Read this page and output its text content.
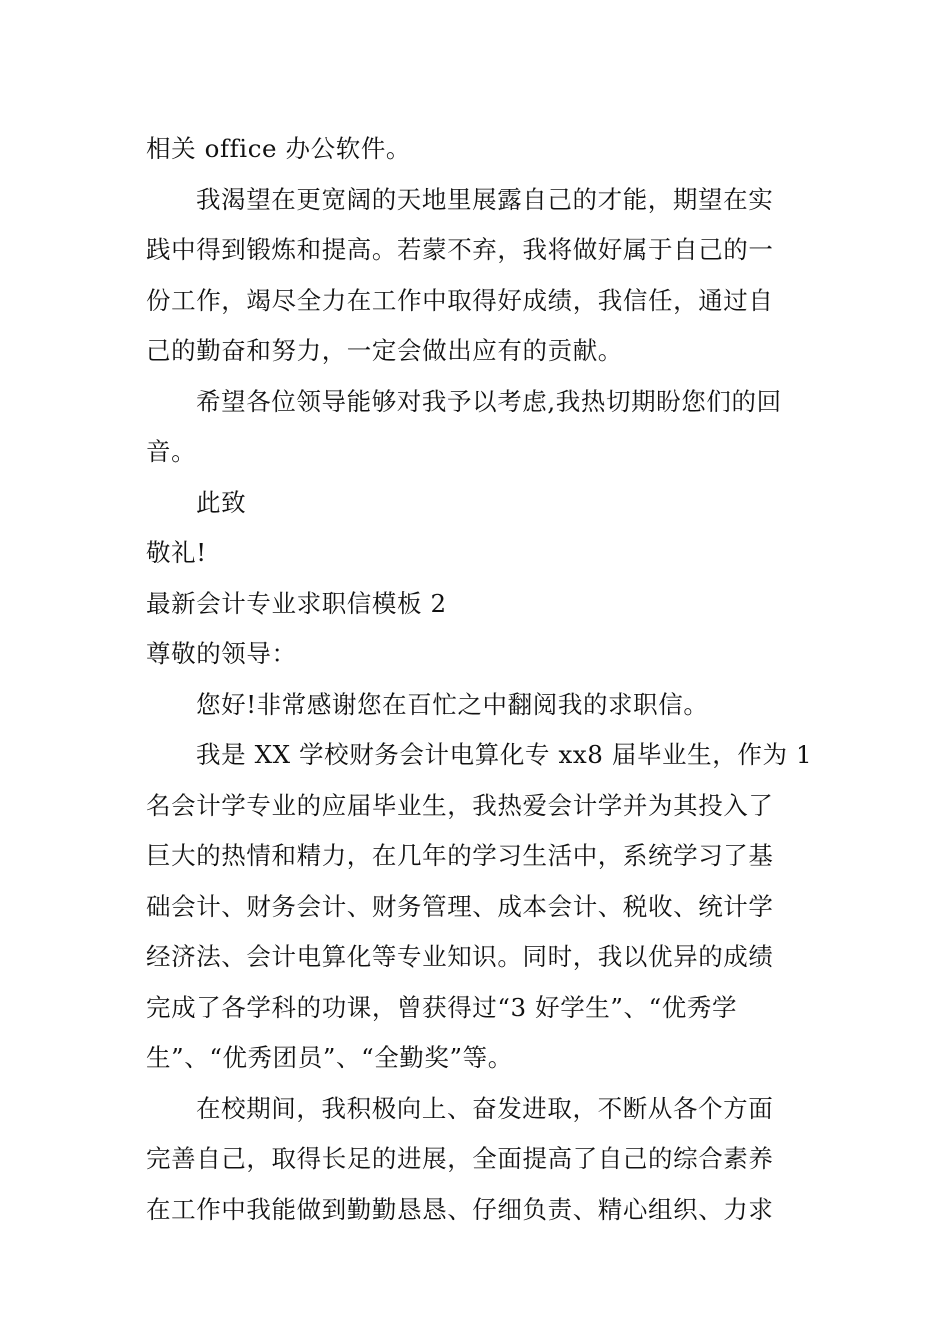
相关 office 办公软件。
我渴望在更宽阔的天地里展露自己的才能，期望在实
践中得到锻炼和提高。若蒙不弃，我将做好属于自己的一
份工作，竭尽全力在工作中取得好成绩，我信任，通过自
己的勤奋和努力，一定会做出应有的贡献。
希望各位领导能够对我予以考虑,我热切期盼您们的回
音。
此致
敬礼!
最新会计专业求职信模板 2
尊敬的领导：
您好!非常感谢您在百忙之中翻阅我的求职信。
我是 XX 学校财务会计电算化专 xx8 届毕业生，作为 1
名会计学专业的应届毕业生，我热爱会计学并为其投入了
巨大的热情和精力，在几年的学习生活中，系统学习了基
础会计、财务会计、财务管理、成本会计、税收、统计学
经济法、会计电算化等专业知识。同时，我以优异的成绩
完成了各学科的功课，曾获得过“3 好学生”、“优秀学
生”、“优秀团员”、“全勤奖”等。
在校期间，我积极向上、奋发进取，不断从各个方面
完善自己，取得长足的进展，全面提高了自己的综合素养
在工作中我能做到勤勤恳恳、仔细负责、精心组织、力求
